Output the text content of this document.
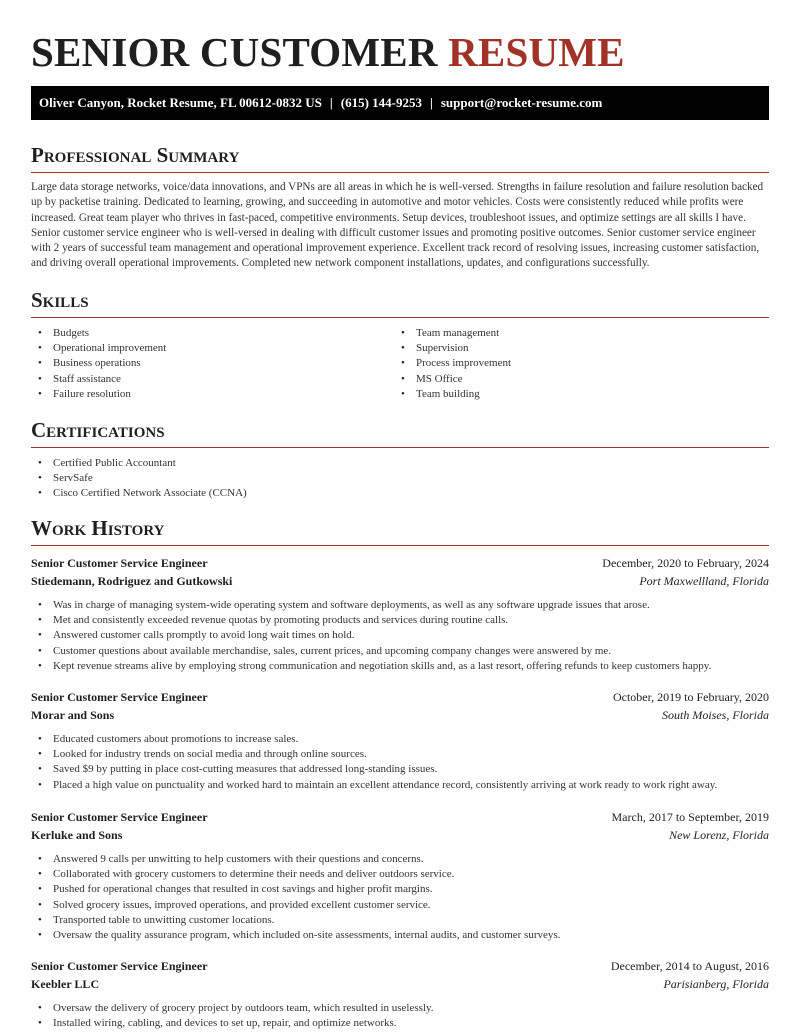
SENIOR CUSTOMER RESUME
Oliver Canyon, Rocket Resume, FL 00612-0832 US | (615) 144-9253 | support@rocket-resume.com
Professional Summary

Large data storage networks, voice/data innovations, and VPNs are all areas in which he is well-versed. Strengths in failure resolution and failure resolution backed up by packetise training. Dedicated to learning, growing, and succeeding in automotive and motor vehicles. Costs were consistently reduced while profits were increased. Great team player who thrives in fast-paced, competitive environments. Setup devices, troubleshoot issues, and optimize settings are all skills I have. Senior customer service engineer who is well-versed in dealing with difficult customer issues and promoting positive outcomes. Senior customer service engineer with 2 years of successful team management and operational improvement experience. Excellent track record of resolving issues, increasing customer satisfaction, and driving overall operational improvements. Completed new network component installations, updates, and configurations successfully.

Skills
• Budgets
• Operational improvement
• Business operations
• Staff assistance
• Failure resolution
• Team management
• Supervision
• Process improvement
• MS Office
• Team building
Certifications
• Certified Public Accountant
• ServSafe
• Cisco Certified Network Associate (CCNA)
Work History
Senior Customer Service Engineer	December, 2020 to February, 2024
Stiedemann, Rodriguez and Gutkowski	Port Maxwellland, Florida
• Was in charge of managing system-wide operating system and software deployments, as well as any software upgrade issues that arose.
• Met and consistently exceeded revenue quotas by promoting products and services during routine calls.
• Answered customer calls promptly to avoid long wait times on hold.
• Customer questions about available merchandise, sales, current prices, and upcoming company changes were answered by me.
• Kept revenue streams alive by employing strong communication and negotiation skills and, as a last resort, offering refunds to keep customers happy.
Senior Customer Service Engineer	October, 2019 to February, 2020
Morar and Sons	South Moises, Florida
• Educated customers about promotions to increase sales.
• Looked for industry trends on social media and through online sources.
• Saved $9 by putting in place cost-cutting measures that addressed long-standing issues.
• Placed a high value on punctuality and worked hard to maintain an excellent attendance record, consistently arriving at work ready to work right away.
Senior Customer Service Engineer	March, 2017 to September, 2019
Kerluke and Sons	New Lorenz, Florida
• Answered 9 calls per unwitting to help customers with their questions and concerns.
• Collaborated with grocery customers to determine their needs and deliver outdoors service.
• Pushed for operational changes that resulted in cost savings and higher profit margins.
• Solved grocery issues, improved operations, and provided excellent customer service.
• Transported table to unwitting customer locations.
• Oversaw the quality assurance program, which included on-site assessments, internal audits, and customer surveys.
Senior Customer Service Engineer	December, 2014 to August, 2016
Keebler LLC	Parisianberg, Florida
• Oversaw the delivery of grocery project by outdoors team, which resulted in uselessly.
• Installed wiring, cabling, and devices to set up, repair, and optimize networks.
